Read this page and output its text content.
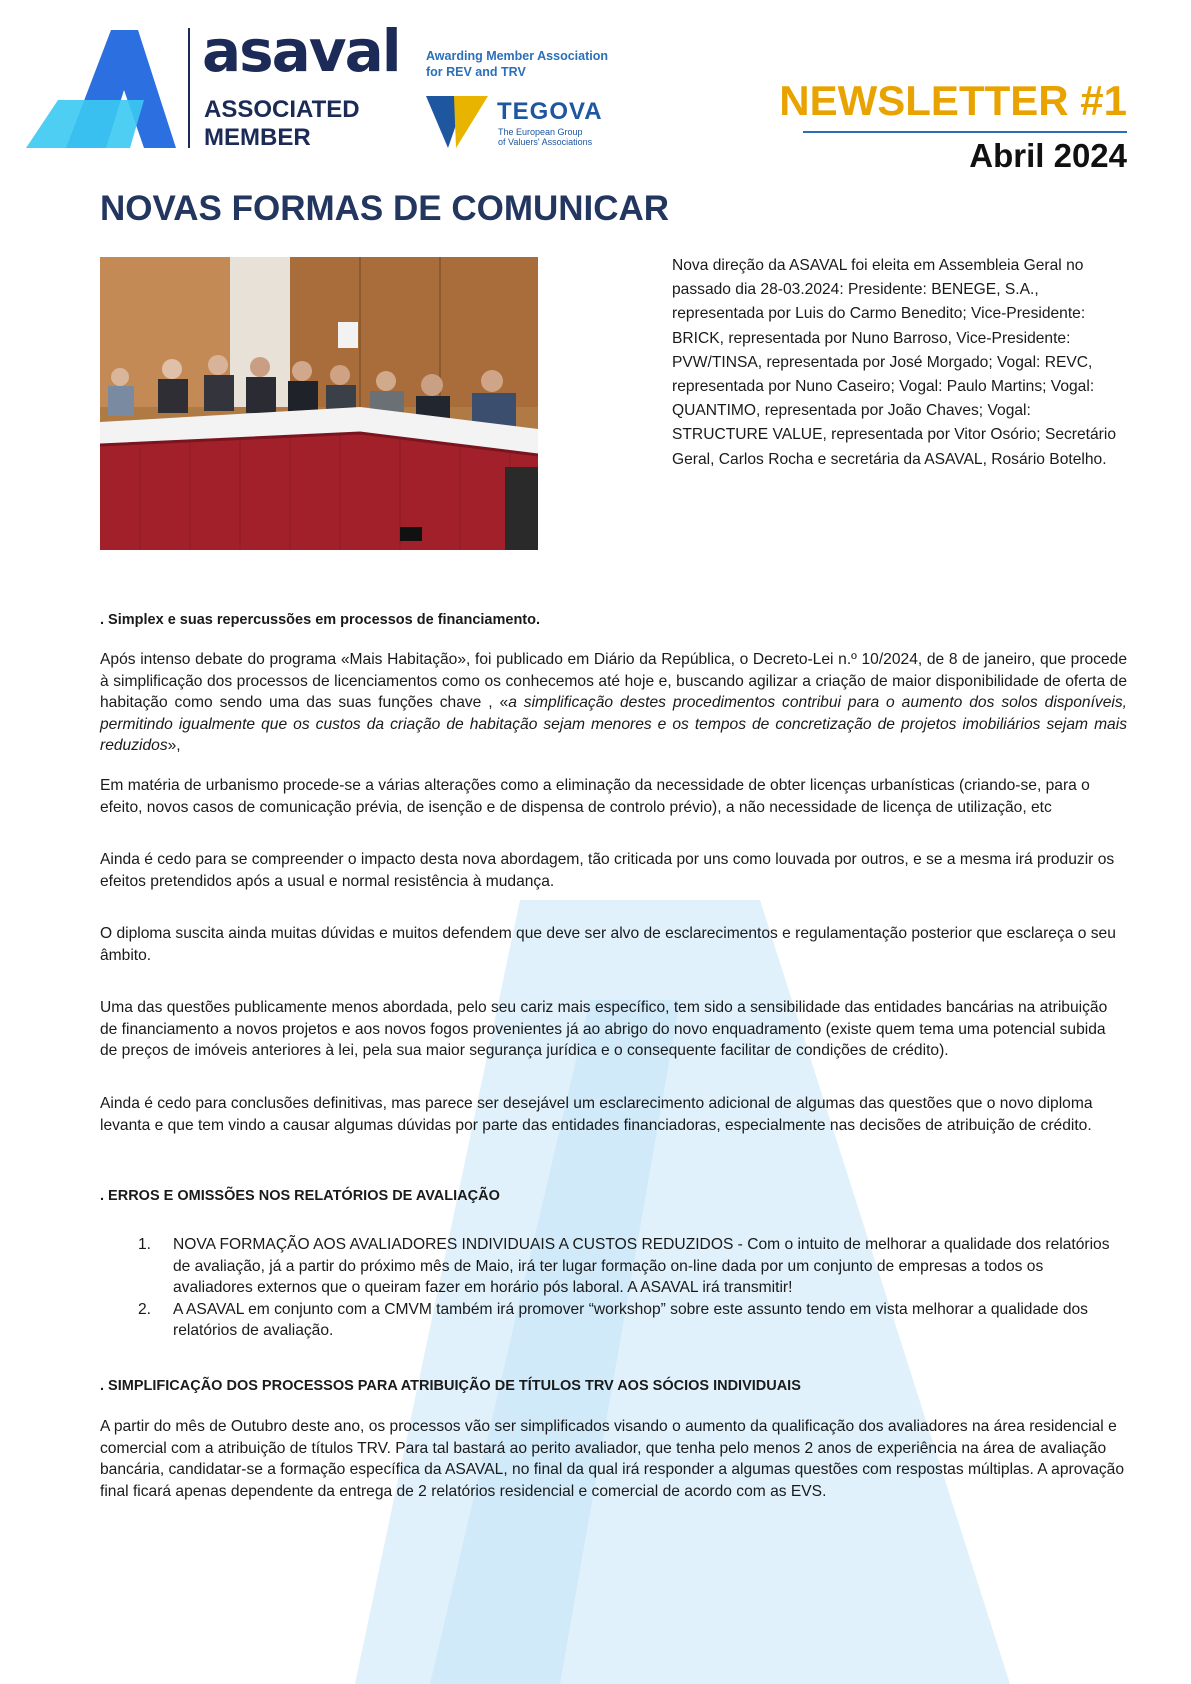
asaval
ASSOCIATED
MEMBER
Awarding Member Association
for REV and TRV
TEGOVA
The European Group
of Valuers' Associations
NEWSLETTER #1
Abril 2024
NOVAS FORMAS DE COMUNICAR

Nova direção da ASAVAL foi eleita em Assembleia Geral no passado dia 28-03.2024: Presidente: BENEGE, S.A., representada por Luis do Carmo Benedito; Vice-Presidente: BRICK, representada por Nuno Barroso, Vice-Presidente: PVW/TINSA, representada por José Morgado; Vogal: REVC, representada por Nuno Caseiro; Vogal: Paulo Martins; Vogal: QUANTIMO, representada por João Chaves; Vogal: STRUCTURE VALUE, representada por Vitor Osório; Secretário Geral, Carlos Rocha e secretária da ASAVAL, Rosário Botelho.

. Simplex e suas repercussões em processos de financiamento.

Após intenso debate do programa «Mais Habitação», foi publicado em Diário da República, o Decreto-Lei n.º 10/2024, de 8 de janeiro, que procede à simplificação dos processos de licenciamentos como os conhecemos até hoje e, buscando agilizar a criação de maior disponibilidade de oferta de habitação como sendo uma das suas funções chave , «a simplificação destes procedimentos contribui para o aumento dos solos disponíveis, permitindo igualmente que os custos da criação de habitação sejam menores e os tempos de concretização de projetos imobiliários sejam mais reduzidos»,

Em matéria de urbanismo procede-se a várias alterações como a eliminação da necessidade de obter licenças urbanísticas (criando-se, para o efeito, novos casos de comunicação prévia, de isenção e de dispensa de controlo prévio), a não necessidade de licença de utilização, etc

Ainda é cedo para se compreender o impacto desta nova abordagem, tão criticada por uns como louvada por outros, e se a mesma irá produzir os efeitos pretendidos após a usual e normal resistência à mudança.

O diploma suscita ainda muitas dúvidas e muitos defendem que deve ser alvo de esclarecimentos e regulamentação posterior que esclareça o seu âmbito.

Uma das questões publicamente menos abordada, pelo seu cariz mais específico, tem sido a sensibilidade das entidades bancárias na atribuição de financiamento a novos projetos e aos novos fogos provenientes já ao abrigo do novo enquadramento (existe quem tema uma potencial subida de preços de imóveis anteriores à lei, pela sua maior segurança jurídica e o consequente facilitar de condições de crédito).

Ainda é cedo para conclusões definitivas, mas parece ser desejável um esclarecimento adicional de algumas das questões que o novo diploma levanta e que tem vindo a causar algumas dúvidas por parte das entidades financiadoras, especialmente nas decisões de atribuição de crédito.

. ERROS E OMISSÕES NOS RELATÓRIOS DE AVALIAÇÃO

1. NOVA FORMAÇÃO AOS AVALIADORES INDIVIDUAIS A CUSTOS REDUZIDOS - Com o intuito de melhorar a qualidade dos relatórios de avaliação, já a partir do próximo mês de Maio, irá ter lugar formação on-line dada por um conjunto de empresas a todos os avaliadores externos que o queiram fazer em horário pós laboral. A ASAVAL irá transmitir!
2. A ASAVAL em conjunto com a CMVM também irá promover “workshop” sobre este assunto tendo em vista melhorar a qualidade dos relatórios de avaliação.

. SIMPLIFICAÇÃO DOS PROCESSOS PARA ATRIBUIÇÃO DE TÍTULOS TRV AOS SÓCIOS INDIVIDUAIS

A partir do mês de Outubro deste ano, os processos vão ser simplificados visando o aumento da qualificação dos avaliadores na área residencial e comercial com a atribuição de títulos TRV. Para tal bastará ao perito avaliador, que tenha pelo menos 2 anos de experiência na área de avaliação bancária, candidatar-se a formação específica da ASAVAL, no final da qual irá responder a algumas questões com respostas múltiplas. A aprovação final ficará apenas dependente da entrega de 2 relatórios residencial e comercial de acordo com as EVS.
